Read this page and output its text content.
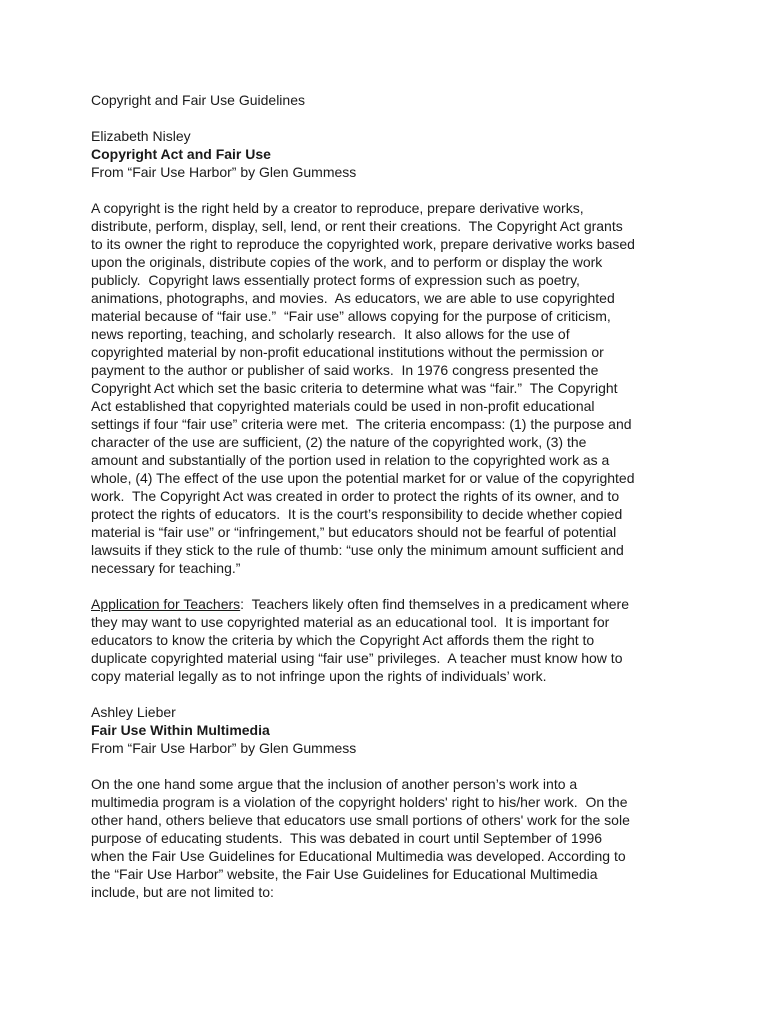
Copyright and Fair Use Guidelines

Elizabeth Nisley

Copyright Act and Fair Use

From “Fair Use Harbor” by Glen Gummess

A copyright is the right held by a creator to reproduce, prepare derivative works,

distribute, perform, display, sell, lend, or rent their creations.  The Copyright Act grants

to its owner the right to reproduce the copyrighted work, prepare derivative works based

upon the originals, distribute copies of the work, and to perform or display the work

publicly.  Copyright laws essentially protect forms of expression such as poetry,

animations, photographs, and movies.  As educators, we are able to use copyrighted

material because of “fair use.”  “Fair use” allows copying for the purpose of criticism,

news reporting, teaching, and scholarly research.  It also allows for the use of

copyrighted material by non-profit educational institutions without the permission or

payment to the author or publisher of said works.  In 1976 congress presented the

Copyright Act which set the basic criteria to determine what was “fair.”  The Copyright

Act established that copyrighted materials could be used in non-profit educational

settings if four “fair use” criteria were met.  The criteria encompass: (1) the purpose and

character of the use are sufficient, (2) the nature of the copyrighted work, (3) the

amount and substantially of the portion used in relation to the copyrighted work as a

whole, (4) The effect of the use upon the potential market for or value of the copyrighted

work.  The Copyright Act was created in order to protect the rights of its owner, and to

protect the rights of educators.  It is the court’s responsibility to decide whether copied

material is “fair use” or “infringement,” but educators should not be fearful of potential

lawsuits if they stick to the rule of thumb: “use only the minimum amount sufficient and

necessary for teaching.”

Application for Teachers:  Teachers likely often find themselves in a predicament where

they may want to use copyrighted material as an educational tool.  It is important for

educators to know the criteria by which the Copyright Act affords them the right to

duplicate copyrighted material using “fair use” privileges.  A teacher must know how to

copy material legally as to not infringe upon the rights of individuals’ work.

Ashley Lieber

Fair Use Within Multimedia

From “Fair Use Harbor” by Glen Gummess

On the one hand some argue that the inclusion of another person’s work into a

multimedia program is a violation of the copyright holders' right to his/her work.  On the

other hand, others believe that educators use small portions of others' work for the sole

purpose of educating students.  This was debated in court until September of 1996

when the Fair Use Guidelines for Educational Multimedia was developed. According to

the “Fair Use Harbor” website, the Fair Use Guidelines for Educational Multimedia

include, but are not limited to:
